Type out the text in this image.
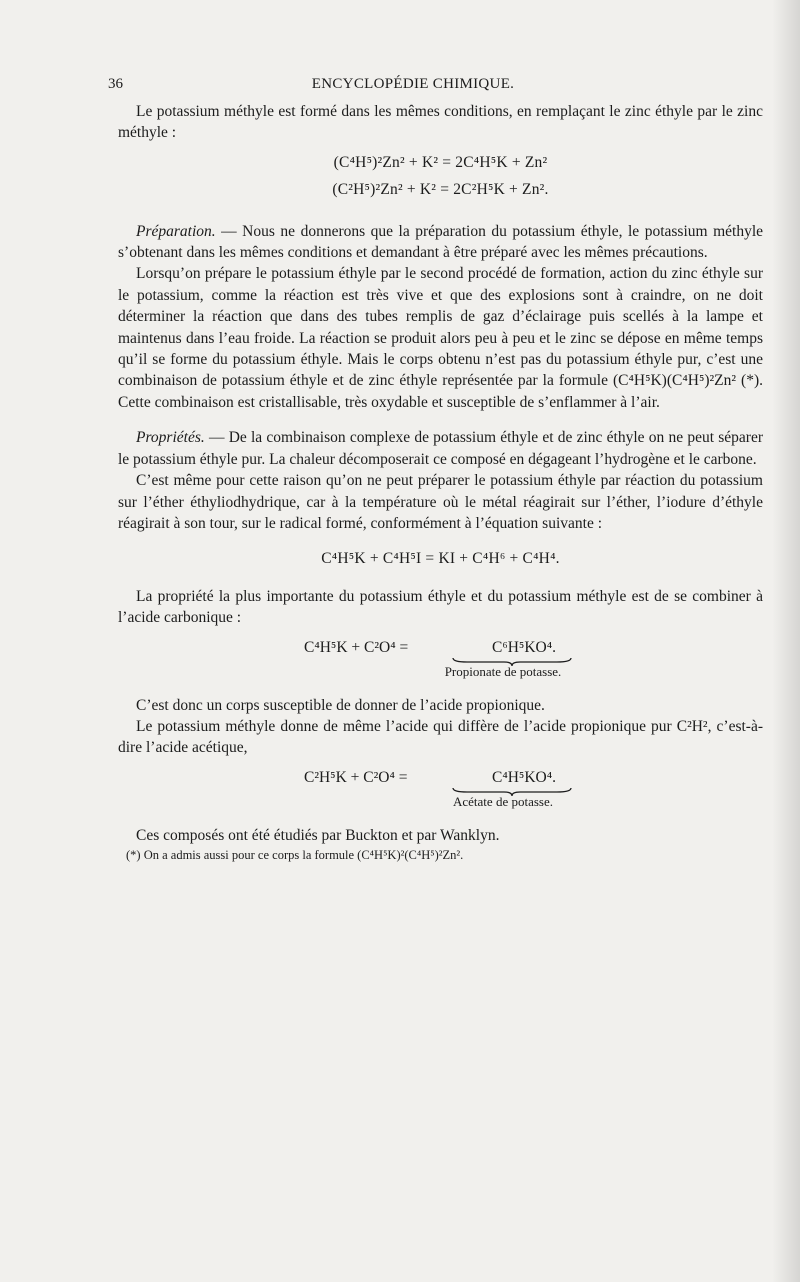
36	ENCYCLOPÉDIE CHIMIQUE.

Le potassium méthyle est formé dans les mêmes conditions, en remplaçant le zinc éthyle par le zinc méthyle :

(C⁴H⁵)²Zn² + K² = 2C⁴H⁵K + Zn²
(C²H⁵)²Zn² + K² = 2C²H⁵K + Zn².

Préparation. — Nous ne donnerons que la préparation du potassium éthyle, le potassium méthyle s’obtenant dans les mêmes conditions et demandant à être préparé avec les mêmes précautions.

Lorsqu’on prépare le potassium éthyle par le second procédé de formation, action du zinc éthyle sur le potassium, comme la réaction est très vive et que des explosions sont à craindre, on ne doit déterminer la réaction que dans des tubes remplis de gaz d’éclairage puis scellés à la lampe et maintenus dans l’eau froide. La réaction se produit alors peu à peu et le zinc se dépose en même temps qu’il se forme du potassium éthyle. Mais le corps obtenu n’est pas du potassium éthyle pur, c’est une combinaison de potassium éthyle et de zinc éthyle représentée par la formule (C⁴H⁵K)(C⁴H⁵)²Zn² (*). Cette combinaison est cristallisable, très oxydable et susceptible de s’enflammer à l’air.

Propriétés. — De la combinaison complexe de potassium éthyle et de zinc éthyle on ne peut séparer le potassium éthyle pur. La chaleur décomposerait ce composé en dégageant l’hydrogène et le carbone.

C’est même pour cette raison qu’on ne peut préparer le potassium éthyle par réaction du potassium sur l’éther éthyliodhydrique, car à la température où le métal réagirait sur l’éther, l’iodure d’éthyle réagirait à son tour, sur le radical formé, conformément à l’équation suivante :

C⁴H⁵K + C⁴H⁵I = KI + C⁴H⁶ + C⁴H⁴.

La propriété la plus importante du potassium éthyle et du potassium méthyle est de se combiner à l’acide carbonique :

C⁴H⁵K + C²O⁴ =	C⁶H⁵KO⁴.
Propionate de potasse.

C’est donc un corps susceptible de donner de l’acide propionique.

Le potassium méthyle donne de même l’acide qui diffère de l’acide propionique pur C²H², c’est-à-dire l’acide acétique,

C²H⁵K + C²O⁴ =	C⁴H⁵KO⁴.
Acétate de potasse.

Ces composés ont été étudiés par Buckton et par Wanklyn.

(*) On a admis aussi pour ce corps la formule (C⁴H⁵K)²(C⁴H⁵)²Zn².
